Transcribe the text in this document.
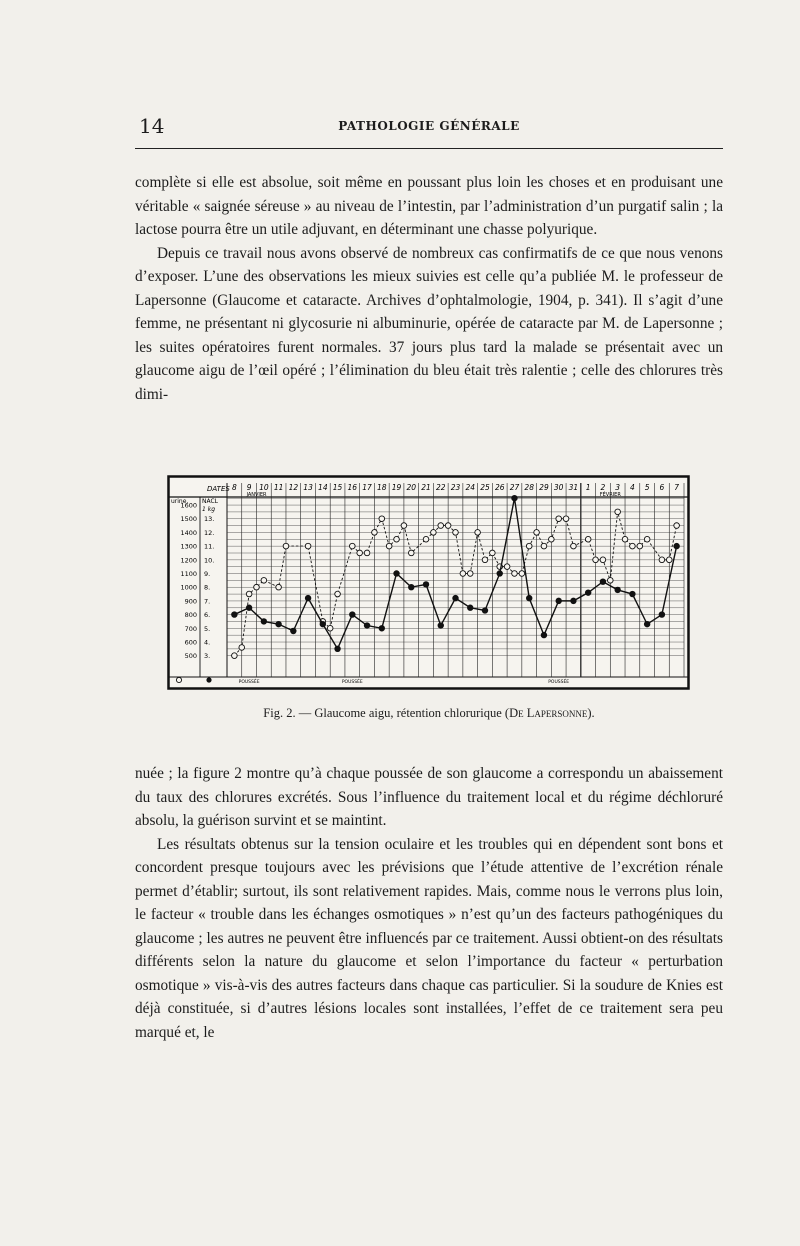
14	PATHOLOGIE GÉNÉRALE

complète si elle est absolue, soit même en poussant plus loin les choses et en produisant une véritable « saignée séreuse » au niveau de l’intestin, par l’administration d’un purgatif salin ; la lactose pourra être un utile adjuvant, en déterminant une chasse polyurique.

Depuis ce travail nous avons observé de nombreux cas confirmatifs de ce que nous venons d’exposer. L’une des observations les mieux suivies est celle qu’a publiée M. le professeur de Lapersonne (Glaucome et cataracte. Archives d’ophtalmologie, 1904, p. 341). Il s’agit d’une femme, ne présentant ni glycosurie ni albuminurie, opérée de cataracte par M. de Lapersonne ; les suites opératoires furent normales. 37 jours plus tard la malade se présentait avec un glaucome aigu de l’œil opéré ; l’élimination du bleu était très ralentie ; celle des chlorures très dimi-

DATES 8 9 10 11 12 13 14 15 16 17 18 19 20 21 22 23 24 25 26 27 28 29 30 31 1 2 3 4 5 6 7
JANVIER	FÉVRIER
urine. NACL
1 kg
1600
1500
1400
1300
1200
1100
1000
900
800
700
600
500
13.
12.
11.
10.
9.
8.
7.
6.
5.
4.
3.
POUSSÉE	POUSSÉE	POUSSÉE
Fig. 2. — Glaucome aigu, rétention chlorurique (De Lapersonne).

nuée ; la figure 2 montre qu’à chaque poussée de son glaucome a correspondu un abaissement du taux des chlorures excrétés. Sous l’influence du traitement local et du régime déchloruré absolu, la guérison survint et se maintint.

Les résultats obtenus sur la tension oculaire et les troubles qui en dépendent sont bons et concordent presque toujours avec les prévisions que l’étude attentive de l’excrétion rénale permet d’établir; surtout, ils sont relativement rapides. Mais, comme nous le verrons plus loin, le facteur « trouble dans les échanges osmotiques » n’est qu’un des facteurs pathogéniques du glaucome ; les autres ne peuvent être influencés par ce traitement. Aussi obtient-on des résultats différents selon la nature du glaucome et selon l’importance du facteur « perturbation osmotique » vis-à-vis des autres facteurs dans chaque cas particulier. Si la soudure de Knies est déjà constituée, si d’autres lésions locales sont installées, l’effet de ce traitement sera peu marqué et, le
